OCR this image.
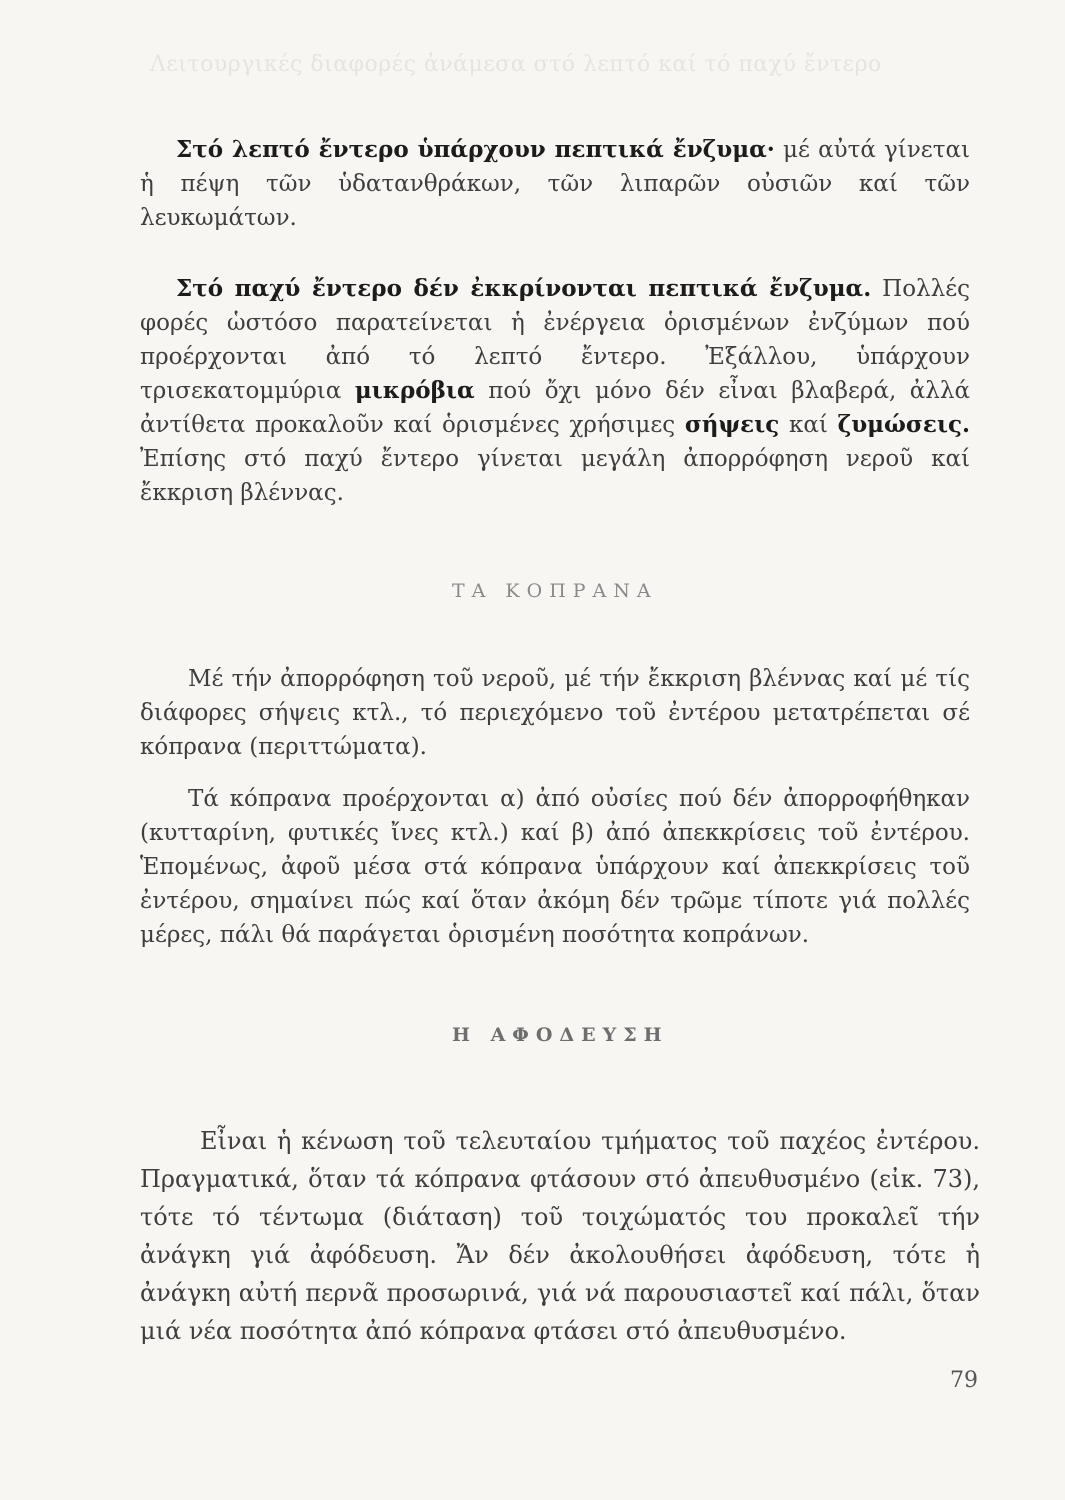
Λειτουργικές διαφορές ἀνάμεσα στό λεπτό καί τό παχύ ἔντερο

Στό λεπτό ἔντερο ὑπάρχουν πεπτικά ἔνζυμα· μέ αὐτά γίνεται ἡ πέψη τῶν ὑδατανθράκων, τῶν λιπαρῶν οὐσιῶν καί τῶν λευκωμάτων.

Στό παχύ ἔντερο δέν ἐκκρίνονται πεπτικά ἔνζυμα. Πολλές φορές ὡστόσο παρατείνεται ἡ ἐνέργεια ὁρισμένων ἐνζύμων πού προέρχονται ἀπό τό λεπτό ἔντερο. Ἐξάλλου, ὑπάρχουν τρισεκατομμύρια μικρόβια πού ὄχι μόνο δέν εἶναι βλαβερά, ἀλλά ἀντίθετα προκαλοῦν καί ὁρισμένες χρήσιμες σήψεις καί ζυμώσεις. Ἐπίσης στό παχύ ἔντερο γίνεται μεγάλη ἀπορρόφηση νεροῦ καί ἔκκριση βλέννας.

ΤΑ ΚΟΠΡΑΝΑ

Μέ τήν ἀπορρόφηση τοῦ νεροῦ, μέ τήν ἔκκριση βλέννας καί μέ τίς διάφορες σήψεις κτλ., τό περιεχόμενο τοῦ ἐντέρου μετατρέπεται σέ κόπρανα (περιττώματα).

Τά κόπρανα προέρχονται α) ἀπό οὐσίες πού δέν ἀπορροφήθηκαν (κυτταρίνη, φυτικές ἴνες κτλ.) καί β) ἀπό ἀπεκκρίσεις τοῦ ἐντέρου. Ἑπομένως, ἀφοῦ μέσα στά κόπρανα ὑπάρχουν καί ἀπεκκρίσεις τοῦ ἐντέρου, σημαίνει πώς καί ὅταν ἀκόμη δέν τρῶμε τίποτε γιά πολλές μέρες, πάλι θά παράγεται ὁρισμένη ποσότητα κοπράνων.

Η ΑΦΟΔΕΥΣΗ

Εἶναι ἡ κένωση τοῦ τελευταίου τμήματος τοῦ παχέος ἐντέρου. Πραγματικά, ὅταν τά κόπρανα φτάσουν στό ἀπευθυσμένο (εἰκ. 73), τότε τό τέντωμα (διάταση) τοῦ τοιχώματός του προκαλεῖ τήν ἀνάγκη γιά ἀφόδευση. Ἄν δέν ἀκολουθήσει ἀφόδευση, τότε ἡ ἀνάγκη αὐτή περνᾶ προσωρινά, γιά νά παρουσιαστεῖ καί πάλι, ὅταν μιά νέα ποσότητα ἀπό κόπρανα φτάσει στό ἀπευθυσμένο.

79
